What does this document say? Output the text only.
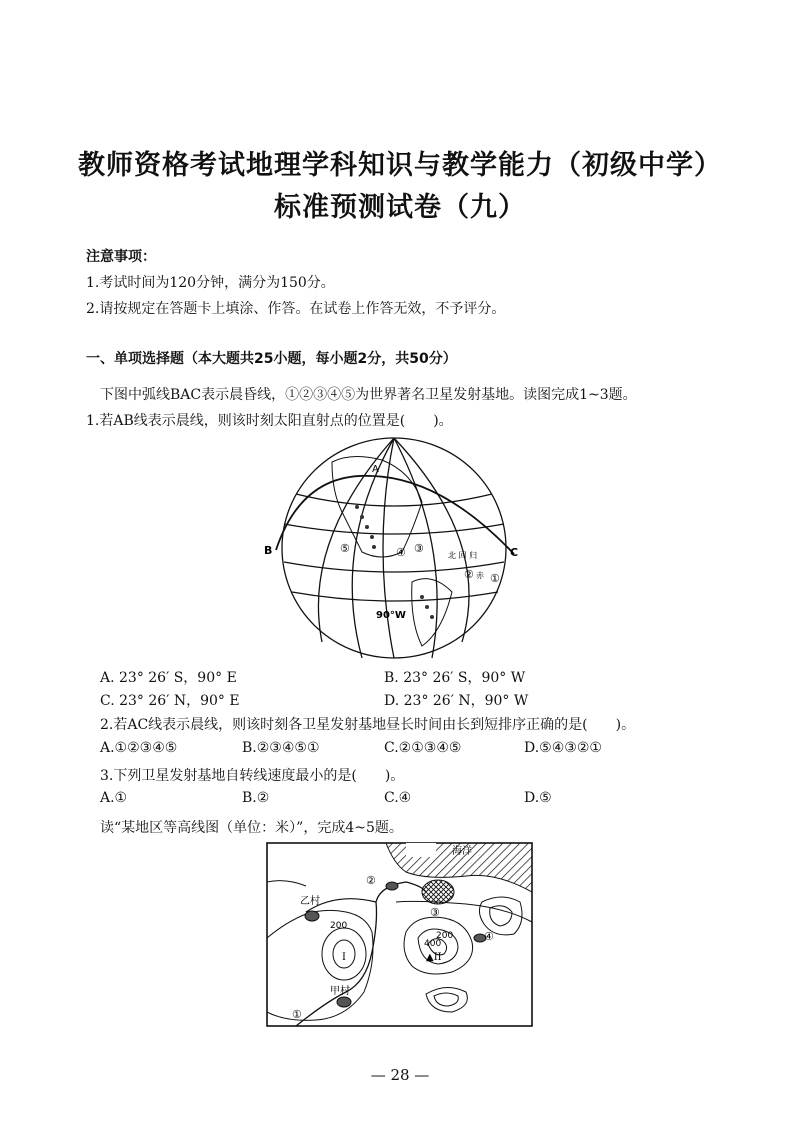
教师资格考试地理学科知识与教学能力（初级中学）
标准预测试卷（九）
注意事项：
1.考试时间为120分钟，满分为150分。
2.请按规定在答题卡上填涂、作答。在试卷上作答无效，不予评分。
一、单项选择题（本大题共25小题，每小题2分，共50分）
下图中弧线BAC表示晨昏线，①②③④⑤为世界著名卫星发射基地。读图完成1~3题。
1.若AB线表示晨线，则该时刻太阳直射点的位置是(　　)。
B	C
A
90°W
①
②
③
④
⑤
北 回 归
赤
A. 23° 26′ S，90° E	B. 23° 26′ S，90° W
C. 23° 26′ N，90° E	D. 23° 26′ N，90° W
2.若AC线表示晨线，则该时刻各卫星发射基地昼长时间由长到短排序正确的是(　　)。
A.①②③④⑤	B.②③④⑤①	C.②①③④⑤	D.⑤④③②①
3.下列卫星发射基地自转线速度最小的是(　　)。
A.①	B.②	C.④	D.⑤
读“某地区等高线图（单位：米）”，完成4~5题。
海洋
乙村
甲村
200
200
400
I	▲II
①
②
③
④
— 28 —
